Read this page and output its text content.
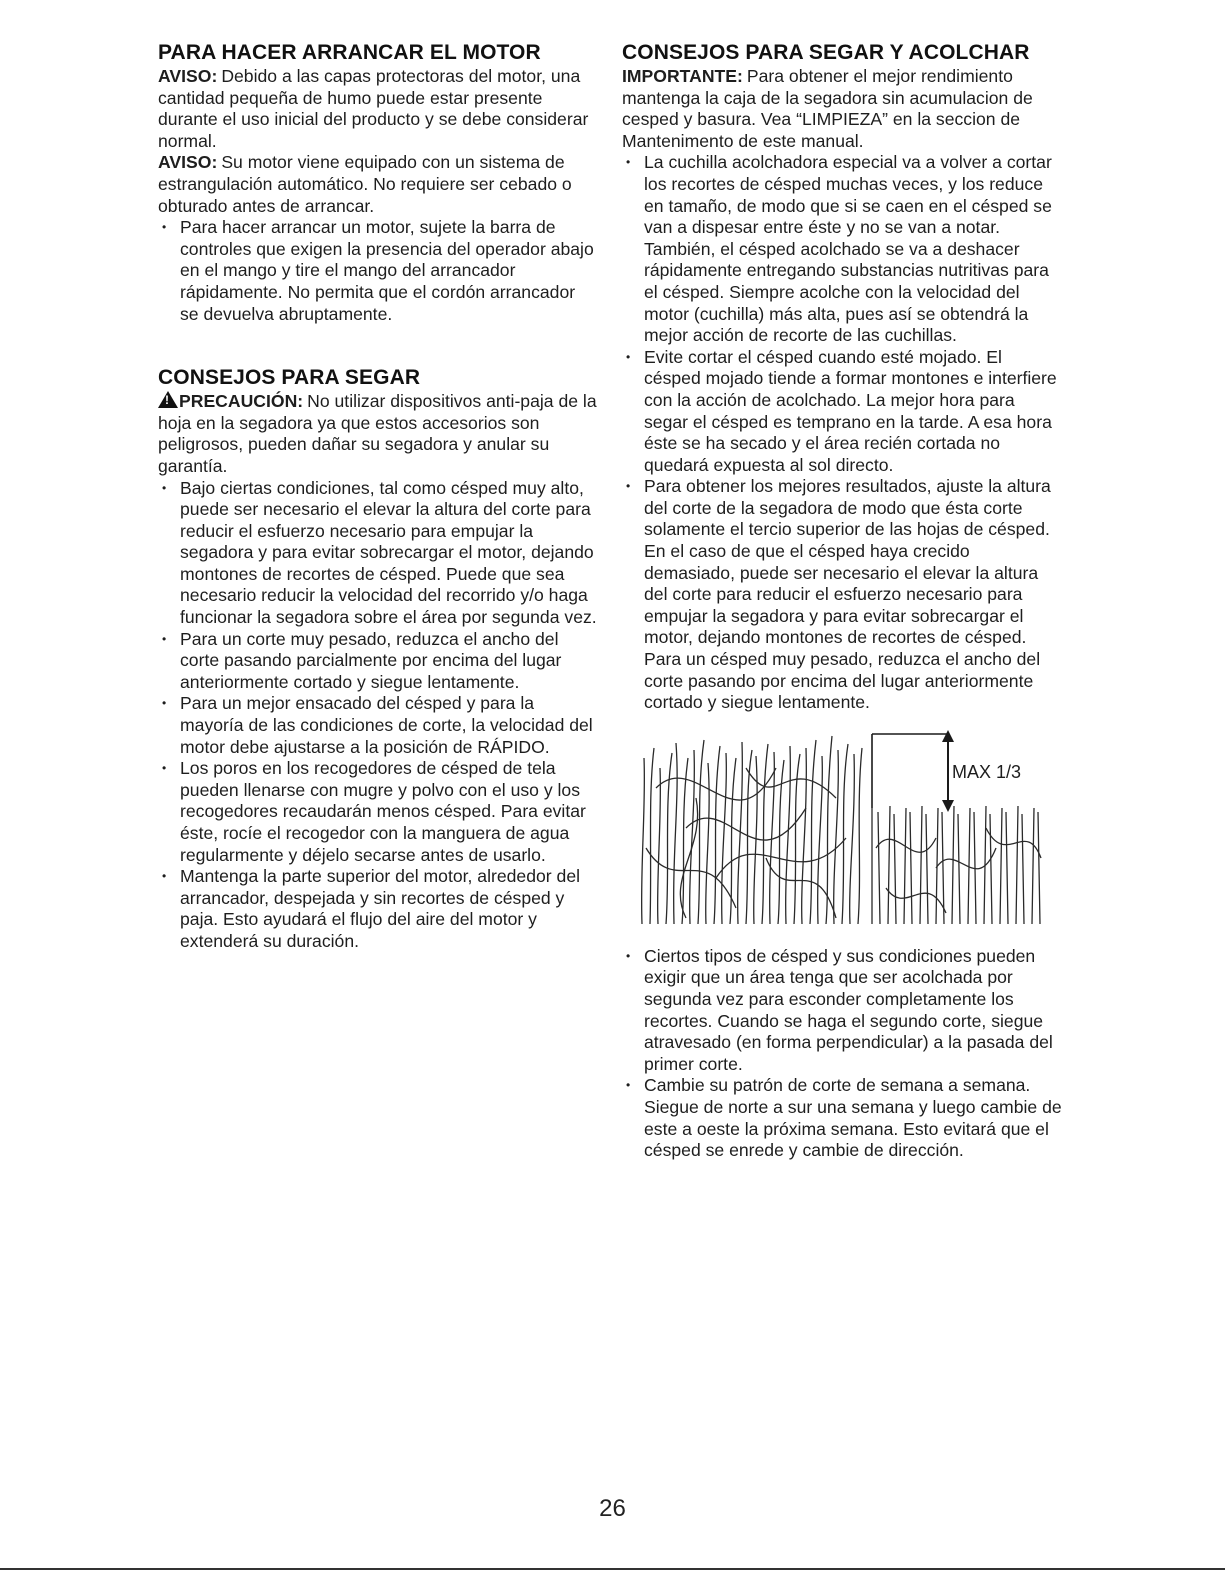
PARA HACER ARRANCAR EL MOTOR

AVISO: Debido a las capas protectoras del motor, una cantidad pequeña de humo puede estar presente durante el uso inicial del producto y se debe considerar normal.

AVISO: Su motor viene equipado con un sistema de estrangulación automático. No requiere ser cebado o obturado antes de arrancar.

• Para hacer arrancar un motor, sujete la barra de controles que exigen la presencia del operador abajo en el mango y tire el mango del arrancador rápidamente. No permita que el cordón arrancador se devuelva abruptamente.
CONSEJOS PARA SEGAR

!PRECAUCIÓN: No utilizar dispositivos anti-paja de la hoja en la segadora ya que estos accesorios son peligrosos, pueden dañar su segadora y anular su garantía.

• Bajo ciertas condiciones, tal como césped muy alto, puede ser necesario el elevar la altura del corte para reducir el esfuerzo necesario para empujar la segadora y para evitar sobrecargar el motor, dejando montones de recortes de césped. Puede que sea necesario reducir la velocidad del recorrido y/o haga funcionar la segadora sobre el área por segunda vez.
• Para un corte muy pesado, reduzca el ancho del corte pasando parcialmente por encima del lugar anteriormente cortado y siegue lentamente.
• Para un mejor ensacado del césped y para la mayoría de las condiciones de corte, la velocidad del motor debe ajustarse a la posición de RÁPIDO.
• Los poros en los recogedores de césped de tela pueden llenarse con mugre y polvo con el uso y los recogedores recaudarán menos césped. Para evitar éste, rocíe el recogedor con la manguera de agua regularmente y déjelo secarse antes de usarlo.
• Mantenga la parte superior del motor, alrededor del arrancador, despejada y sin recortes de césped y paja. Esto ayudará el flujo del aire del motor y extenderá su duración.
CONSEJOS PARA SEGAR Y ACOLCHAR

IMPORTANTE: Para obtener el mejor rendimiento mantenga la caja de la segadora sin acumulacion de cesped y basura. Vea “LIMPIEZA” en la seccion de Mantenimento de este manual.

• La cuchilla acolchadora especial va a volver a cortar los recortes de césped muchas veces, y los reduce en tamaño, de modo que si se caen en el césped se van a dispesar entre éste y no se van a notar. También, el césped acolchado se va a deshacer rápidamente entregando substancias nutritivas para el césped. Siempre acolche con la velocidad del motor (cuchilla) más alta, pues así se obtendrá la mejor acción de recorte de las cuchillas.
• Evite cortar el césped cuando esté mojado. El césped mojado tiende a formar montones e interfiere con la acción de acolchado. La mejor hora para segar el césped es temprano en la tarde. A esa hora éste se ha secado y el área recién cortada no quedará expuesta al sol directo.
• Para obtener los mejores resultados, ajuste la altura del corte de la segadora de modo que ésta corte solamente el tercio superior de las hojas de césped. En el caso de que el césped haya crecido demasiado, puede ser necesario el elevar la altura del corte para reducir el esfuerzo necesario para empujar la segadora y para evitar sobrecargar el motor, dejando montones de recortes de césped. Para un césped muy pesado, reduzca el ancho del corte pasando por encima del lugar anteriormente cortado y siegue lentamente.
MAX 1/3
• Ciertos tipos de césped y sus condiciones pueden exigir que un área tenga que ser acolchada por segunda vez para esconder completamente los recortes. Cuando se haga el segundo corte, siegue atravesado (en forma perpendicular) a la pasada del primer corte.
• Cambie su patrón de corte de semana a semana. Siegue de norte a sur una semana y luego cambie de este a oeste la próxima semana. Esto evitará que el césped se enrede y cambie de dirección.
26
